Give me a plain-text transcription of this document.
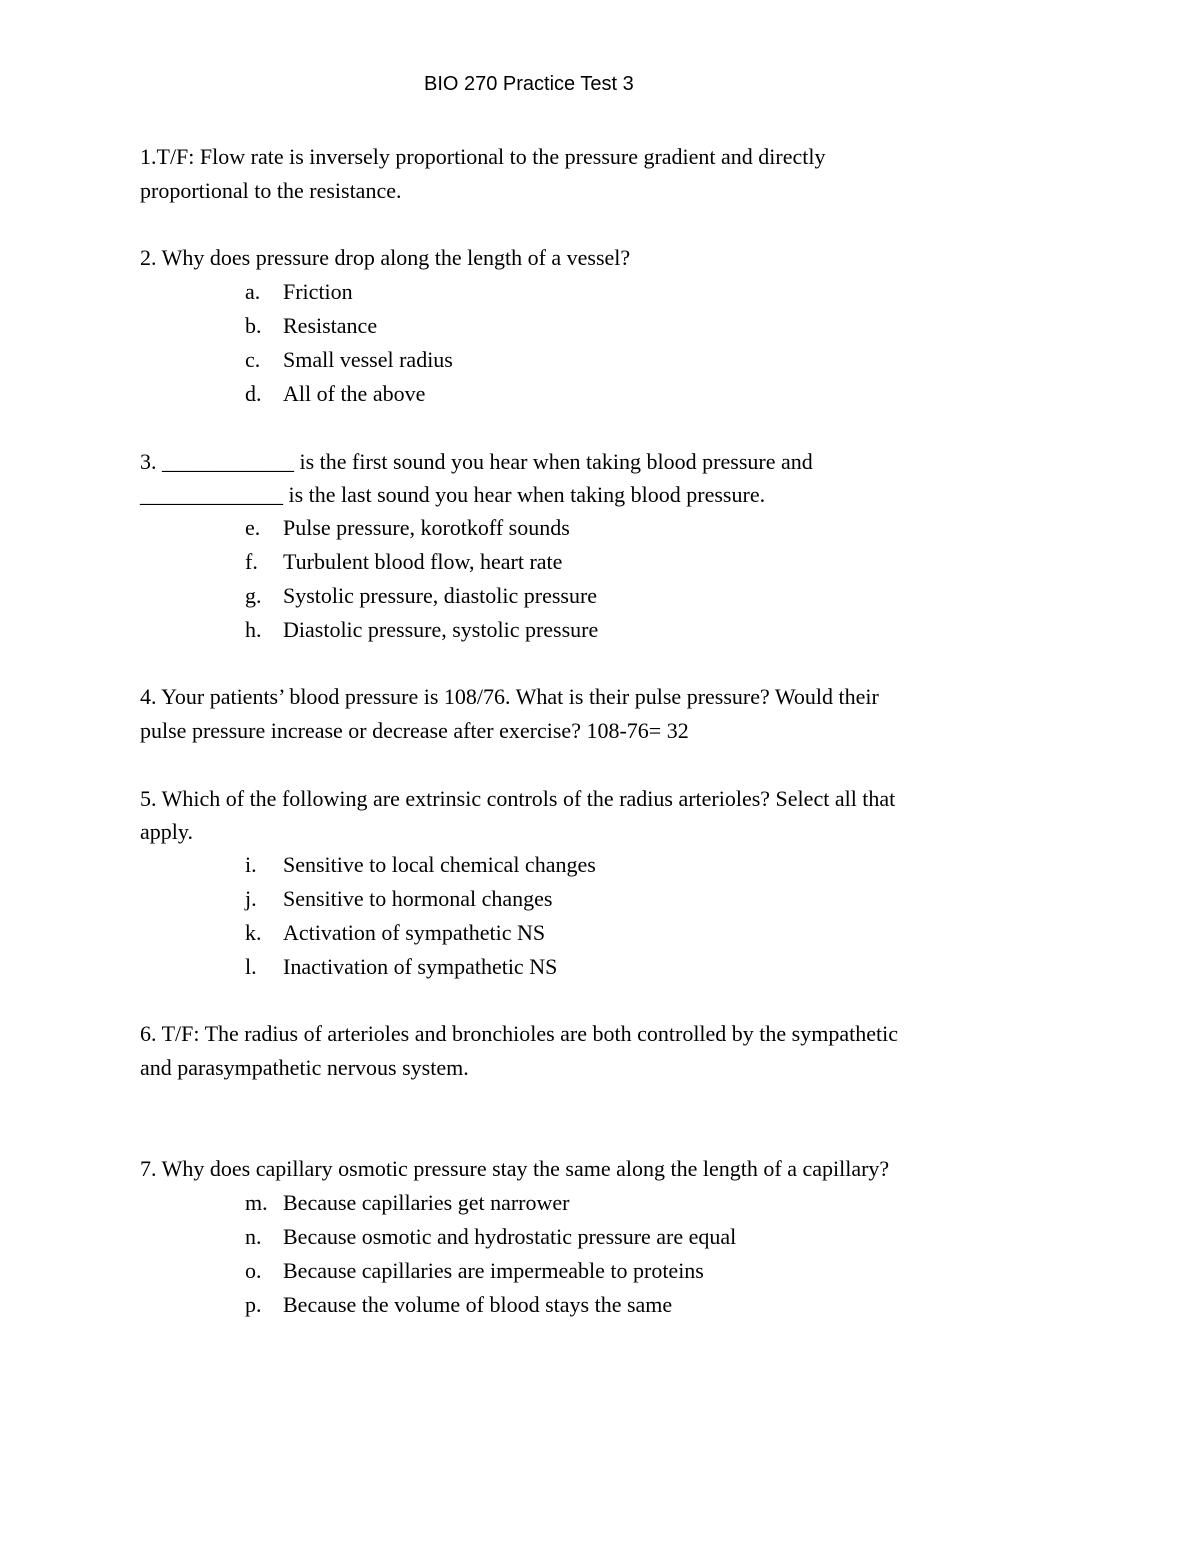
BIO 270 Practice Test 3
1.T/F: Flow rate is inversely proportional to the pressure gradient and directly
proportional to the resistance.
2. Why does pressure drop along the length of a vessel?
a.	Friction
b. Resistance
c.	Small vessel radius
d. All of the above
3. ____________ is the first sound you hear when taking blood pressure and
_____________ is the last sound you hear when taking blood pressure.
e.	Pulse pressure, korotkoff sounds
f.	Turbulent blood flow, heart rate
g. Systolic pressure, diastolic pressure
h. Diastolic pressure, systolic pressure
4. Your patients’ blood pressure is 108/76. What is their pulse pressure? Would their
pulse pressure increase or decrease after exercise? 108-76= 32
5. Which of the following are extrinsic controls of the radius arterioles? Select all that
apply.
i.	Sensitive to local chemical changes
j.	Sensitive to hormonal changes
k. Activation of sympathetic NS
l.	Inactivation of sympathetic NS
6. T/F: The radius of arterioles and bronchioles are both controlled by the sympathetic
and parasympathetic nervous system.
7. Why does capillary osmotic pressure stay the same along the length of a capillary?
m. Because capillaries get narrower
n. Because osmotic and hydrostatic pressure are equal
o. Because capillaries are impermeable to proteins
p. Because the volume of blood stays the same
